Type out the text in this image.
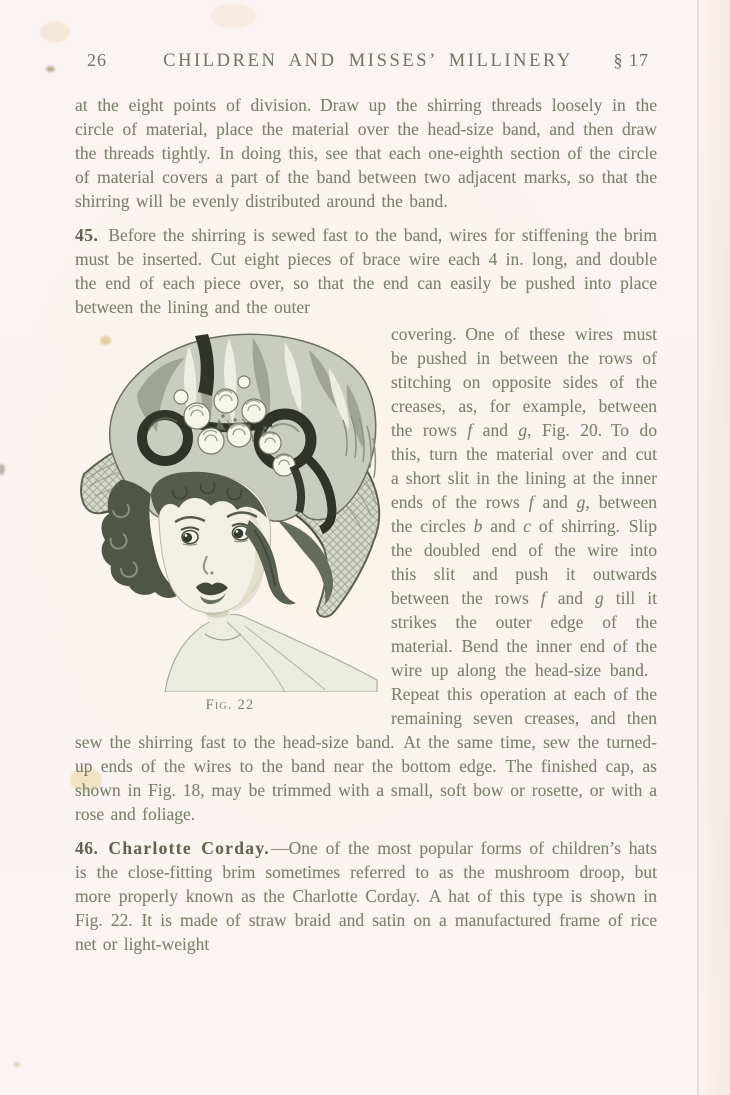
26	CHILDREN AND MISSES’ MILLINERY	§ 17

at the eight points of division. Draw up the shirring threads loosely in the circle of material, place the material over the head-size band, and then draw the threads tightly. In doing this, see that each one-eighth section of the circle of material covers a part of the band between two adjacent marks, so that the shirring will be evenly distributed around the band.

45. Before the shirring is sewed fast to the band, wires for stiffening the brim must be inserted. Cut eight pieces of brace wire each 4 in. long, and double the end of each piece over, so that the end can easily be pushed into place between the lining and the outer

Fig. 22

covering. One of these wires must be pushed in between the rows of stitching on opposite sides of the creases, as, for example, between the rows f and g, Fig. 20. To do this, turn the material over and cut a short slit in the lining at the inner ends of the rows f and g, between the circles b and c of shirring. Slip the doubled end of the wire into this slit and push it outwards between the rows f and g till it strikes the outer edge of the material. Bend the inner end of the wire up along the head-size band. Repeat this operation at each of the remaining seven creases, and then sew the shirring fast to the head-size band. At the same time, sew the turned-up ends of the wires to the band near the bottom edge. The finished cap, as shown in Fig. 18, may be trimmed with a small, soft bow or rosette, or with a rose and foliage.

46. Charlotte Corday.—One of the most popular forms of children’s hats is the close-fitting brim sometimes referred to as the mushroom droop, but more properly known as the Charlotte Corday. A hat of this type is shown in Fig. 22. It is made of straw braid and satin on a manufactured frame of rice net or light-weight
